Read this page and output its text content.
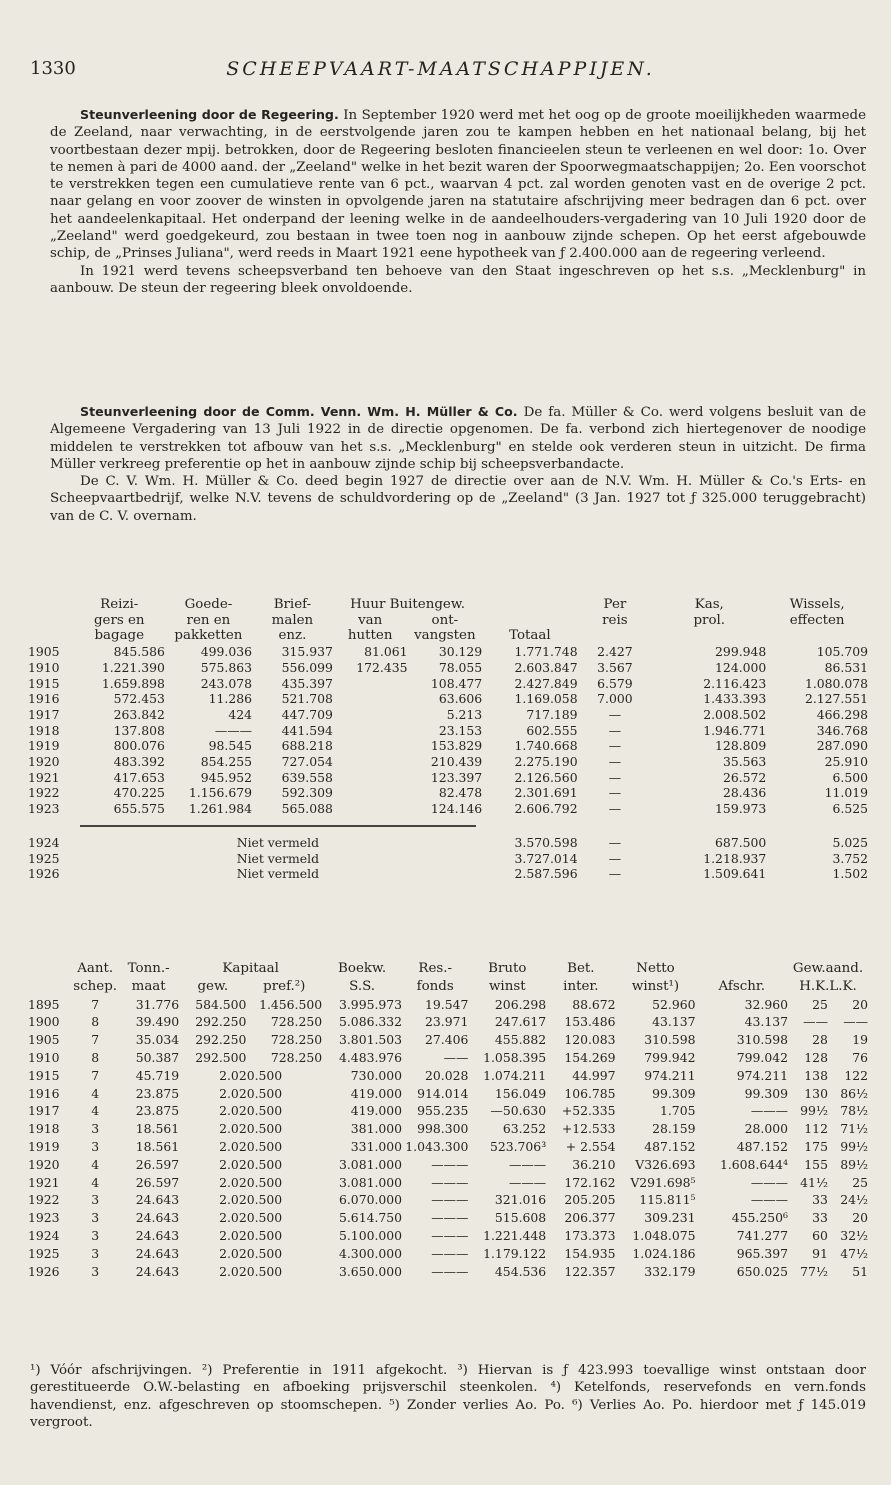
1330	SCHEEPVAART-MAATSCHAPPIJEN.
Steunverleening door de Regeering. In September 1920 werd met het oog op de groote moeilijkheden waarmede de Zeeland, naar verwachting, in de eerstvolgende jaren zou te kampen hebben en het nationaal belang, bij het voortbestaan dezer mpij. betrokken, door de Regeering besloten financieelen steun te verleenen en wel door: 1o. Over te nemen à pari de 4000 aand. der „Zeeland" welke in het bezit waren der Spoorwegmaatschappijen; 2o. Een voorschot te verstrekken tegen een cumulatieve rente van 6 pct., waarvan 4 pct. zal worden genoten vast en de overige 2 pct. naar gelang en voor zoover de winsten in opvolgende jaren na statutaire afschrijving meer bedragen dan 6 pct. over het aandeelenkapitaal. Het onderpand der leening welke in de aandeelhouders-vergadering van 10 Juli 1920 door de „Zeeland" werd goedgekeurd, zou bestaan in twee toen nog in aanbouw zijnde schepen. Op het eerst afgebouwde schip, de „Prinses Juliana", werd reeds in Maart 1921 eene hypotheek van ƒ 2.400.000 aan de regeering verleend.
In 1921 werd tevens scheepsverband ten behoeve van den Staat ingeschreven op het s.s. „Mecklenburg" in aanbouw. De steun der regeering bleek onvoldoende.
Steunverleening door de Comm. Venn. Wm. H. Müller & Co. De fa. Müller & Co. werd volgens besluit van de Algemeene Vergadering van 13 Juli 1922 in de directie opgenomen. De fa. verbond zich hiertegenover de noodige middelen te verstrekken tot afbouw van het s.s. „Mecklenburg" en stelde ook verderen steun in uitzicht. De firma Müller verkreeg preferentie op het in aanbouw zijnde schip bij scheepsverbandacte.
De C. V. Wm. H. Müller & Co. deed begin 1927 de directie over aan de N.V. Wm. H. Müller & Co.'s Erts- en Scheepvaartbedrijf, welke N.V. tevens de schuldvordering op de „Zeeland" (3 Jan. 1927 tot ƒ 325.000 teruggebracht) van de C. V. overnam.
	Reizi-	Goede-	Brief-	Huur Buitengew.			Per	Kas,	Wissels,
	gers en	ren en	malen	van	ont-		reis	prol.	effecten
	bagage	pakketten	enz.	hutten	vangsten	Totaal			
1905	845.586	499.036	315.937	81.061	30.129	1.771.748	2.427	299.948	105.709
1910	1.221.390	575.863	556.099	172.435	78.055	2.603.847	3.567	124.000	86.531
1915	1.659.898	243.078	435.397	108.477		2.427.849	6.579	2.116.423	1.080.078
1916	572.453	11.286	521.708	63.606		1.169.058	7.000	1.433.393	2.127.551
1917	263.842	424	447.709	5.213		717.189	—	2.008.502	466.298
1918	137.808	———	441.594	23.153		602.555	—	1.946.771	346.768
1919	800.076	98.545	688.218	153.829		1.740.668	—	128.809	287.090
1920	483.392	854.255	727.054	210.439		2.275.190	—	35.563	25.910
1921	417.653	945.952	639.558	123.397		2.126.560	—	26.572	6.500
1922	470.225	1.156.679	592.309	82.478		2.301.691	—	28.436	11.019
1923	655.575	1.261.984	565.088	124.146		2.606.792	—	159.973	6.525

1924	Niet vermeld					3.570.598	—	687.500	5.025
1925	Niet vermeld					3.727.014	—	1.218.937	3.752
1926	Niet vermeld					2.587.596	—	1.509.641	1.502
	Aant.	Tonn.-	Kapitaal		Boekw.	Res.-	Bruto	Bet.	Netto		Gew.aand.	
	schep.	maat	gew.	pref.²)	S.S.	fonds	winst	inter.	winst¹)	Afschr.	H.K.L.K.	
1895	7	31.776	584.500	1.456.500	3.995.973	19.547	206.298	88.672	52.960	32.960	25	20
1900	8	39.490	292.250	728.250	5.086.332	23.971	247.617	153.486	43.137	43.137	——	——
1905	7	35.034	292.250	728.250	3.801.503	27.406	455.882	120.083	310.598	310.598	28	19
1910	8	50.387	292.500	728.250	4.483.976	——	1.058.395	154.269	799.942	799.042	128	76
1915	7	45.719	2.020.500		730.000	20.028	1.074.211	44.997	974.211	974.211	138	122
1916	4	23.875	2.020.500		419.000	914.014	156.049	106.785	99.309	99.309	130	86½
1917	4	23.875	2.020.500		419.000	955.235	—50.630	+52.335	1.705	———	99½	78½
1918	3	18.561	2.020.500		381.000	998.300	63.252	+12.533	28.159	28.000	112	71½
1919	3	18.561	2.020.500		331.000	1.043.300	523.706³	+ 2.554	487.152	487.152	175	99½
1920	4	26.597	2.020.500		3.081.000	———	———	36.210	V326.693	1.608.644⁴	155	89½
1921	4	26.597	2.020.500		3.081.000	———	———	172.162	V291.698⁵	———	41½	25
1922	3	24.643	2.020.500		6.070.000	———	321.016	205.205	115.811⁵	———	33	24½
1923	3	24.643	2.020.500		5.614.750	———	515.608	206.377	309.231	455.250⁶	33	20
1924	3	24.643	2.020.500		5.100.000	———	1.221.448	173.373	1.048.075	741.277	60	32½
1925	3	24.643	2.020.500		4.300.000	———	1.179.122	154.935	1.024.186	965.397	91	47½
1926	3	24.643	2.020.500		3.650.000	———	454.536	122.357	332.179	650.025	77½	51
¹) Vóór afschrijvingen. ²) Preferentie in 1911 afgekocht. ³) Hiervan is ƒ 423.993 toevallige winst ontstaan door gerestitueerde O.W.-belasting en afboeking prijsverschil steenkolen. ⁴) Ketelfonds, reservefonds en vern.fonds havendienst, enz. afgeschreven op stoomschepen. ⁵) Zonder verlies Ao. Po. ⁶) Verlies Ao. Po. hierdoor met ƒ 145.019 vergroot.
